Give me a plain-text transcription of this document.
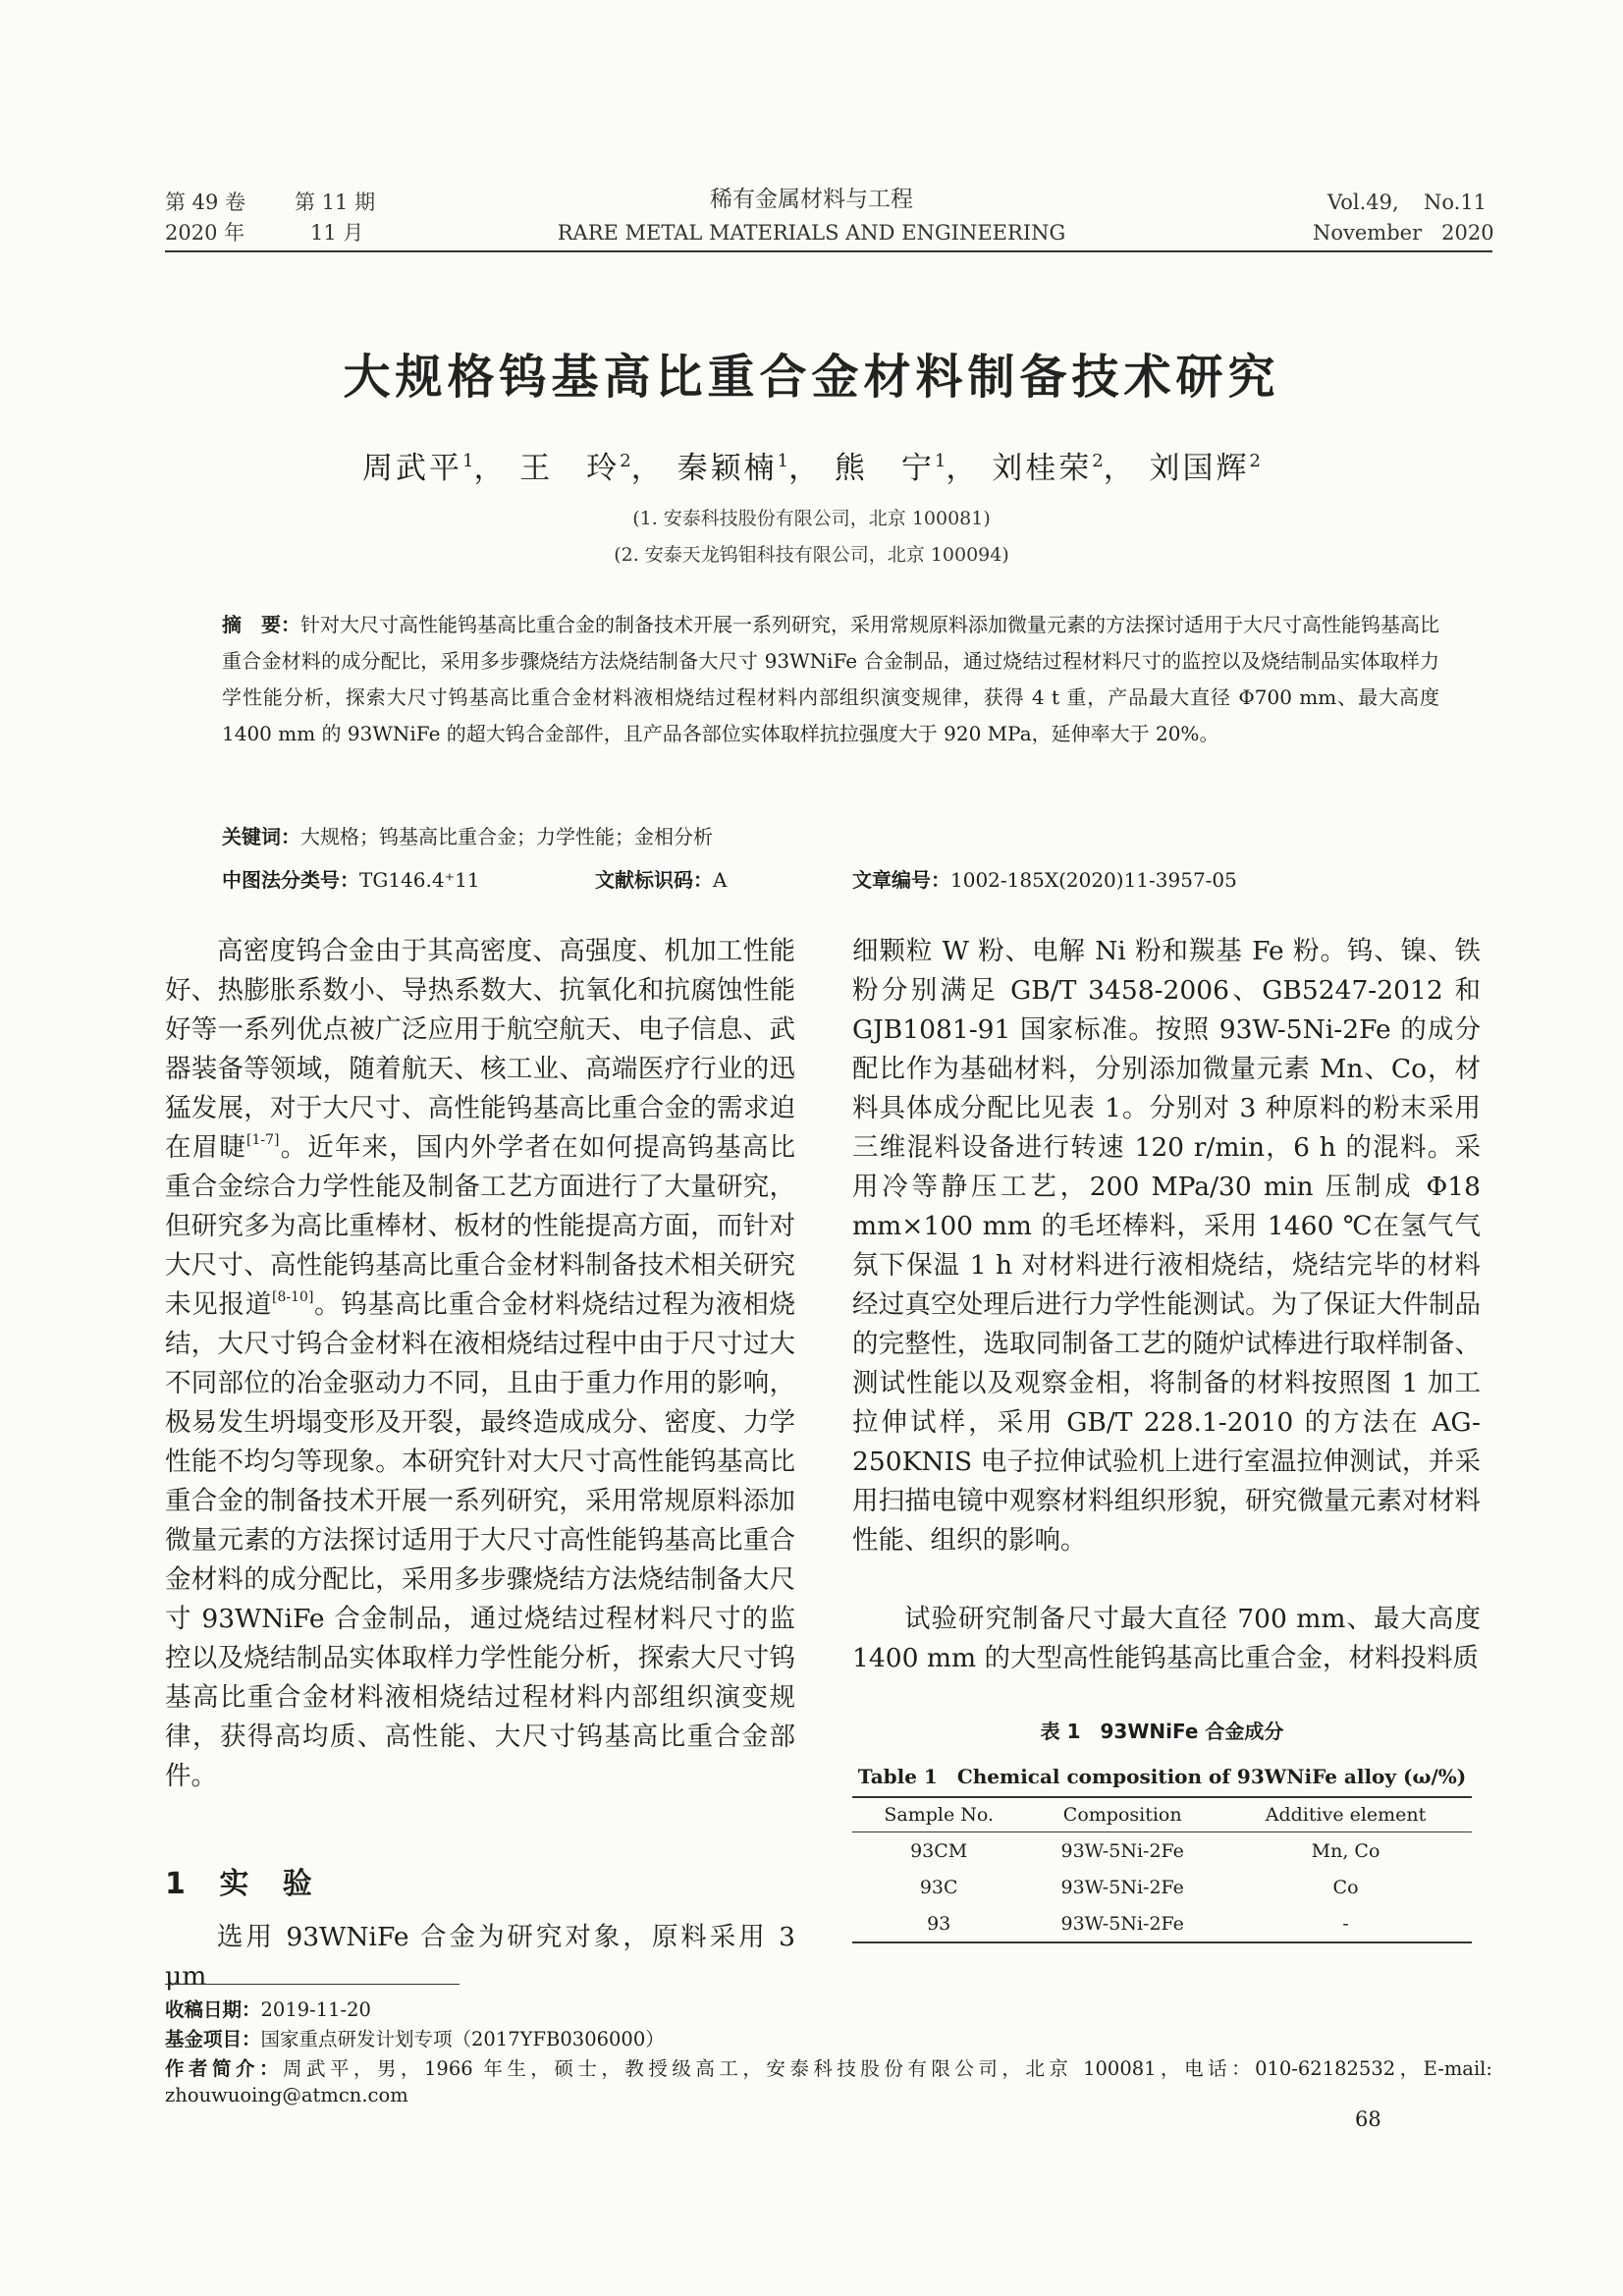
第 49 卷 第 11 期
2020 年	11 月
稀有金属材料与工程
RARE METAL MATERIALS AND ENGINEERING
Vol.49, No.11
November   2020
大规格钨基高比重合金材料制备技术研究
周武平$^1$， 王　玲$^2$， 秦颖楠$^1$， 熊　宁$^1$， 刘桂荣$^2$， 刘国辉$^2$
(1. 安泰科技股份有限公司，北京 100081)
(2. 安泰天龙钨钼科技有限公司，北京 100094)
摘　要：针对大尺寸高性能钨基高比重合金的制备技术开展一系列研究，采用常规原料添加微量元素的方法探讨适用于大尺寸高性能钨基高比重合金材料的成分配比，采用多步骤烧结方法烧结制备大尺寸 93WNiFe 合金制品，通过烧结过程材料尺寸的监控以及烧结制品实体取样力学性能分析，探索大尺寸钨基高比重合金材料液相烧结过程材料内部组织演变规律，获得 4 t 重，产品最大直径 Φ700 mm、最大高度 1400 mm 的 93WNiFe 的超大钨合金部件，且产品各部位实体取样抗拉强度大于 920 MPa，延伸率大于 20%。
关键词：大规格；钨基高比重合金；力学性能；金相分析
中图法分类号：TG146.4⁺11	文献标识码：A	文章编号：1002-185X(2020)11-3957-05

高密度钨合金由于其高密度、高强度、机加工性能好、热膨胀系数小、导热系数大、抗氧化和抗腐蚀性能好等一系列优点被广泛应用于航空航天、电子信息、武器装备等领域，随着航天、核工业、高端医疗行业的迅猛发展，对于大尺寸、高性能钨基高比重合金的需求迫在眉睫[1-7]。近年来，国内外学者在如何提高钨基高比重合金综合力学性能及制备工艺方面进行了大量研究，但研究多为高比重棒材、板材的性能提高方面，而针对大尺寸、高性能钨基高比重合金材料制备技术相关研究未见报道[8-10]。钨基高比重合金材料烧结过程为液相烧结，大尺寸钨合金材料在液相烧结过程中由于尺寸过大不同部位的冶金驱动力不同，且由于重力作用的影响，极易发生坍塌变形及开裂，最终造成成分、密度、力学性能不均匀等现象。本研究针对大尺寸高性能钨基高比重合金的制备技术开展一系列研究，采用常规原料添加微量元素的方法探讨适用于大尺寸高性能钨基高比重合金材料的成分配比，采用多步骤烧结方法烧结制备大尺寸 93WNiFe 合金制品，通过烧结过程材料尺寸的监控以及烧结制品实体取样力学性能分析，探索大尺寸钨基高比重合金材料液相烧结过程材料内部组织演变规律，获得高均质、高性能、大尺寸钨基高比重合金部件。

1 实 验

选用 93WNiFe 合金为研究对象，原料采用 3 μm

细颗粒 W 粉、电解 Ni 粉和羰基 Fe 粉。钨、镍、铁粉分别满足 GB/T 3458-2006、GB5247-2012 和 GJB1081-91 国家标准。按照 93W-5Ni-2Fe 的成分配比作为基础材料，分别添加微量元素 Mn、Co，材料具体成分配比见表 1。分别对 3 种原料的粉末采用三维混料设备进行转速 120 r/min，6 h 的混料。采用冷等静压工艺，200 MPa/30 min 压制成 Φ18 mm×100 mm 的毛坯棒料，采用 1460 ℃在氢气气氛下保温 1 h 对材料进行液相烧结，烧结完毕的材料经过真空处理后进行力学性能测试。为了保证大件制品的完整性，选取同制备工艺的随炉试棒进行取样制备、测试性能以及观察金相，将制备的材料按照图 1 加工拉伸试样，采用 GB/T 228.1-2010 的方法在 AG-250KNIS 电子拉伸试验机上进行室温拉伸测试，并采用扫描电镜中观察材料组织形貌，研究微量元素对材料性能、组织的影响。

试验研究制备尺寸最大直径 700 mm、最大高度 1400 mm 的大型高性能钨基高比重合金，材料投料质

表 1　93WNiFe 合金成分
Table 1　Chemical composition of 93WNiFe alloy (ω/%)
Sample No.	Composition	Additive element
93CM	93W-5Ni-2Fe	Mn, Co
93C	93W-5Ni-2Fe	Co
93	93W-5Ni-2Fe	-
收稿日期：2019-11-20
基金项目：国家重点研发计划专项（2017YFB0306000）
作者简介：周武平，男，1966 年生，硕士，教授级高工，安泰科技股份有限公司，北京 100081，电话：010-62182532，E-mail: zhouwuoing@atmcn.com
68
